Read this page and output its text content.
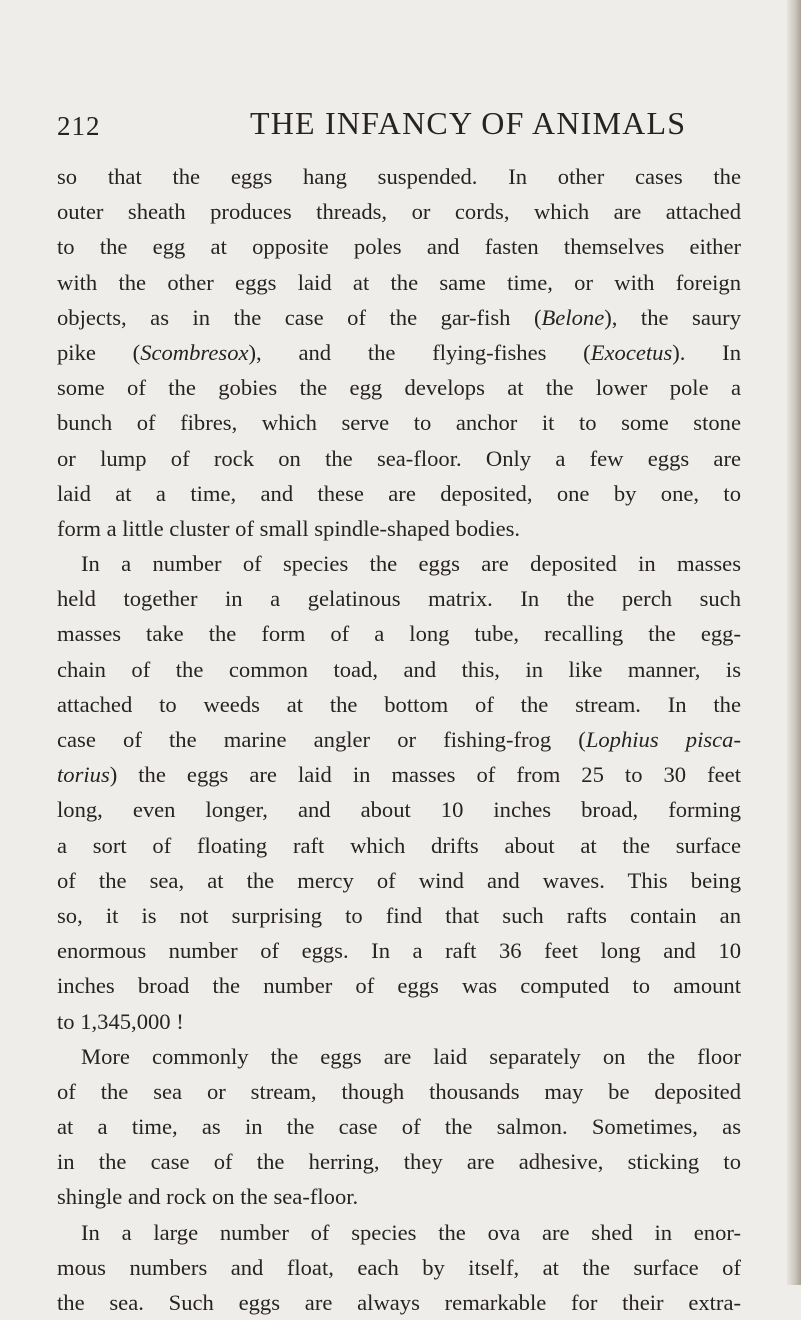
212	THE INFANCY OF ANIMALS
so that the eggs hang suspended. In other cases the
outer sheath produces threads, or cords, which are attached
to the egg at opposite poles and fasten themselves either
with the other eggs laid at the same time, or with foreign
objects, as in the case of the gar-fish (Belone), the saury
pike (Scombresox), and the flying-fishes (Exocetus). In
some of the gobies the egg develops at the lower pole a
bunch of fibres, which serve to anchor it to some stone
or lump of rock on the sea-floor. Only a few eggs are
laid at a time, and these are deposited, one by one, to
form a little cluster of small spindle-shaped bodies.
In a number of species the eggs are deposited in masses
held together in a gelatinous matrix. In the perch such
masses take the form of a long tube, recalling the egg-
chain of the common toad, and this, in like manner, is
attached to weeds at the bottom of the stream. In the
case of the marine angler or fishing-frog (Lophius pisca-
torius) the eggs are laid in masses of from 25 to 30 feet
long, even longer, and about 10 inches broad, forming
a sort of floating raft which drifts about at the surface
of the sea, at the mercy of wind and waves. This being
so, it is not surprising to find that such rafts contain an
enormous number of eggs. In a raft 36 feet long and 10
inches broad the number of eggs was computed to amount
to 1,345,000 !
More commonly the eggs are laid separately on the floor
of the sea or stream, though thousands may be deposited
at a time, as in the case of the salmon. Sometimes, as
in the case of the herring, they are adhesive, sticking to
shingle and rock on the sea-floor.
In a large number of species the ova are shed in enor-
mous numbers and float, each by itself, at the surface of
the sea. Such eggs are always remarkable for their extra-
